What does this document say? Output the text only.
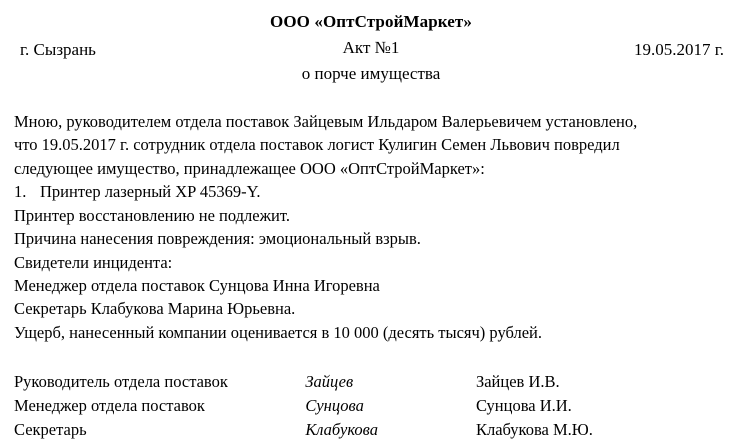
ООО «ОптСтройМаркет»
г. Сызрань	19.05.2017 г.
Акт №1
о порче имущества

Мною, руководителем отдела поставок Зайцевым Ильдаром Валерьевичем установлено,

что 19.05.2017 г. сотрудник отдела поставок логист Кулигин Семен Львович повредил

следующее имущество, принадлежащее ООО «ОптСтройМаркет»:

1. Принтер лазерный XP 45369-Y.

Принтер восстановлению не подлежит.

Причина нанесения повреждения: эмоциональный взрыв.

Свидетели инцидента:

Менеджер отдела поставок Сунцова Инна Игоревна

Секретарь Клабукова Марина Юрьевна.

Ущерб, нанесенный компании оценивается в 10 000 (десять тысяч) рублей.

Руководитель отдела поставок	Зайцев	Зайцев И.В.
Менеджер отдела поставок	Сунцова	Сунцова И.И.
Секретарь	Клабукова	Клабукова М.Ю.
